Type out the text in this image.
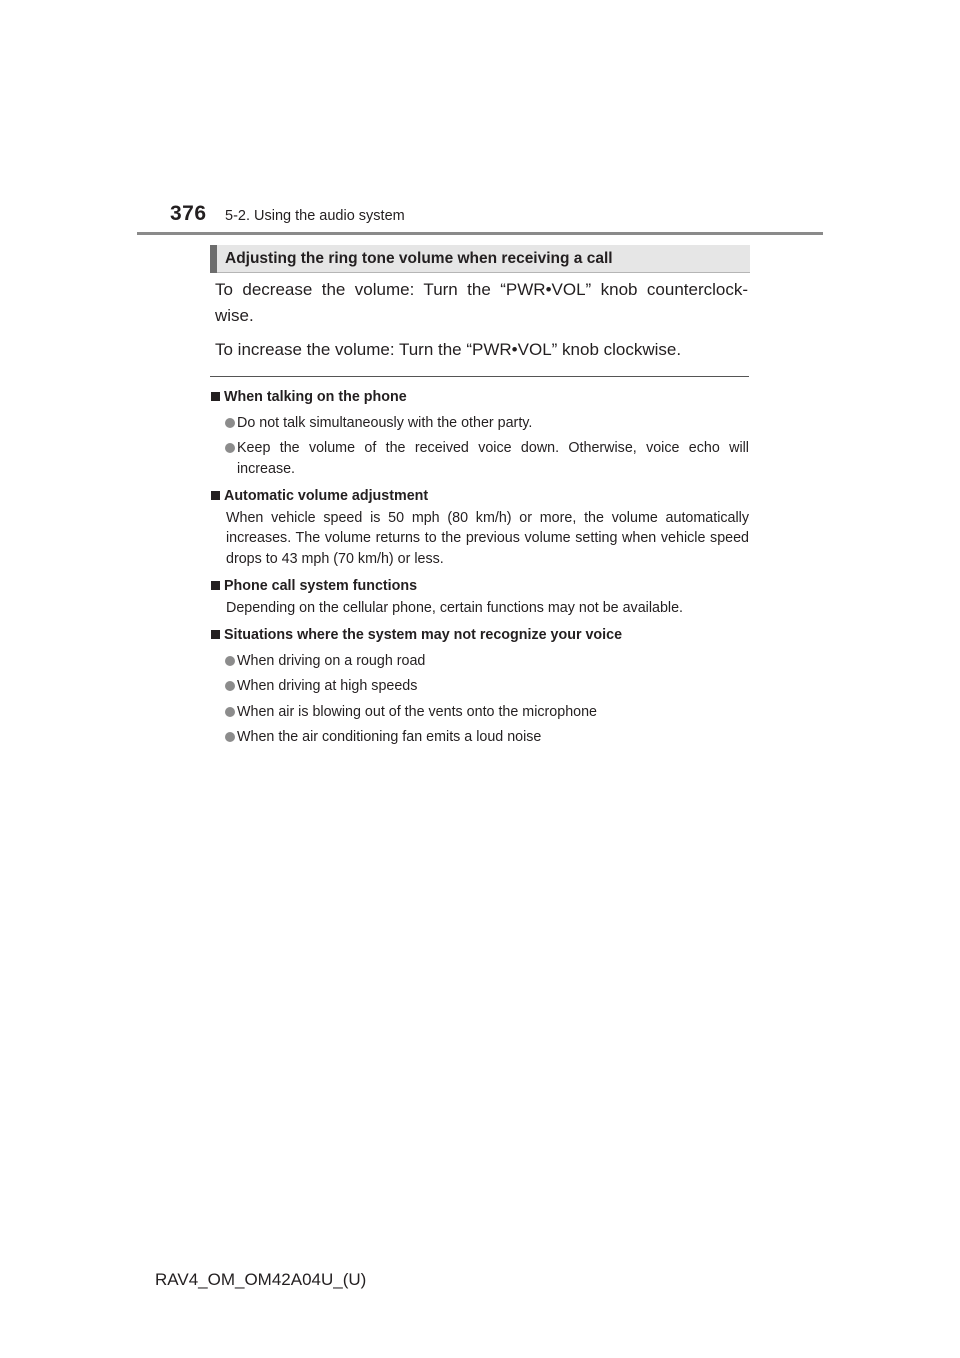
376 5-2. Using the audio system
Adjusting the ring tone volume when receiving a call

To decrease the volume: Turn the “PWR•VOL” knob counterclock-wise.

To increase the volume: Turn the “PWR•VOL” knob clockwise.

When talking on the phone
Do not talk simultaneously with the other party.
Keep the volume of the received voice down. Otherwise, voice echo will increase.
Automatic volume adjustment
When vehicle speed is 50 mph (80 km/h) or more, the volume automatically increases. The volume returns to the previous volume setting when vehicle speed drops to 43 mph (70 km/h) or less.
Phone call system functions
Depending on the cellular phone, certain functions may not be available.
Situations where the system may not recognize your voice
When driving on a rough road
When driving at high speeds
When air is blowing out of the vents onto the microphone
When the air conditioning fan emits a loud noise
RAV4_OM_OM42A04U_(U)
